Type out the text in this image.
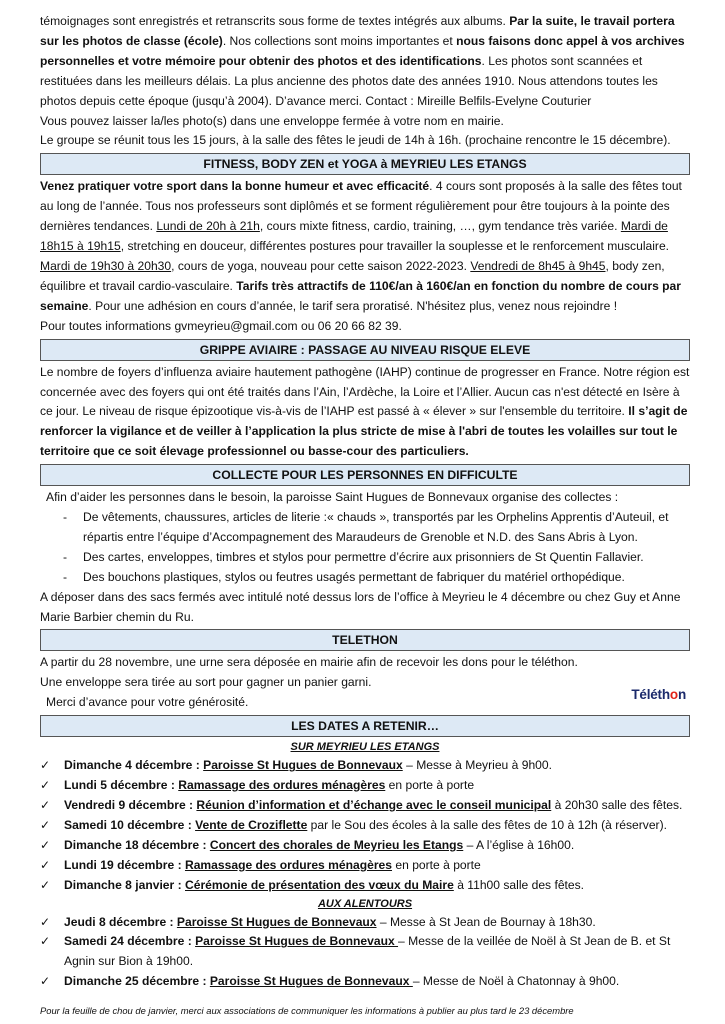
témoignages sont enregistrés et retranscrits sous forme de textes intégrés aux albums. Par la suite, le travail portera sur les photos de classe (école). Nos collections sont moins importantes et nous faisons donc appel à vos archives personnelles et votre mémoire pour obtenir des photos et des identifications. Les photos sont scannées et restituées dans les meilleurs délais. La plus ancienne des photos date des années 1910. Nous attendons toutes les photos depuis cette époque (jusqu’à 2004). D’avance merci. Contact : Mireille Belfils-Evelyne Couturier

Vous pouvez laisser la/les photo(s) dans une enveloppe fermée à votre nom en mairie.

Le groupe se réunit tous les 15 jours, à la salle des fêtes le jeudi de 14h à 16h. (prochaine rencontre le 15 décembre).

FITNESS, BODY ZEN et YOGA à MEYRIEU LES ETANGS

Venez pratiquer votre sport dans la bonne humeur et avec efficacité. 4 cours sont proposés à la salle des fêtes tout au long de l’année. Tous nos professeurs sont diplômés et se forment régulièrement pour être toujours à la pointe des dernières tendances. Lundi de 20h à 21h, cours mixte fitness, cardio, training, …, gym tendance très variée. Mardi de 18h15 à 19h15, stretching en douceur, différentes postures pour travailler la souplesse et le renforcement musculaire. Mardi de 19h30 à 20h30, cours de yoga, nouveau pour cette saison 2022-2023. Vendredi de 8h45 à 9h45, body zen, équilibre et travail cardio-vasculaire. Tarifs très attractifs de 110€/an à 160€/an en fonction du nombre de cours par semaine. Pour une adhésion en cours d’année, le tarif sera proratisé. N'hésitez plus, venez nous rejoindre !

Pour toutes informations gvmeyrieu@gmail.com ou 06 20 66 82 39.

GRIPPE AVIAIRE : PASSAGE AU NIVEAU RISQUE ELEVE

Le nombre de foyers d’influenza aviaire hautement pathogène (IAHP) continue de progresser en France. Notre région est concernée avec des foyers qui ont été traités dans l’Ain, l’Ardèche, la Loire et l’Allier. Aucun cas n'est détecté en Isère à ce jour. Le niveau de risque épizootique vis-à-vis de l’IAHP est passé à « élever » sur l'ensemble du territoire. Il s’agit de renforcer la vigilance et de veiller à l’application la plus stricte de mise à l'abri de toutes les volailles sur tout le territoire que ce soit élevage professionnel ou basse-cour des particuliers.

COLLECTE POUR LES PERSONNES EN DIFFICULTE

Afin d’aider les personnes dans le besoin, la paroisse Saint Hugues de Bonnevaux organise des collectes :

- De vêtements, chaussures, articles de literie :« chauds », transportés par les Orphelins Apprentis d’Auteuil, et répartis entre l’équipe d’Accompagnement des Maraudeurs de Grenoble et N.D. des Sans Abris à Lyon.
- Des cartes, enveloppes, timbres et stylos pour permettre d’écrire aux prisonniers de St Quentin Fallavier.
- Des bouchons plastiques, stylos ou feutres usagés permettant de fabriquer du matériel orthopédique.

A déposer dans des sacs fermés avec intitulé noté dessus lors de l’office à Meyrieu le 4 décembre ou chez Guy et Anne Marie Barbier chemin du Ru.

TELETHON

A partir du 28 novembre, une urne sera déposée en mairie afin de recevoir les dons pour le téléthon.

Une enveloppe sera tirée au sort pour gagner un panier garni.

Merci d’avance pour votre générosité.	Téléthon
LES DATES A RETENIR…
SUR MEYRIEU LES ETANGS
✓ Dimanche 4 décembre : Paroisse St Hugues de Bonnevaux – Messe à Meyrieu à 9h00.
✓ Lundi 5 décembre : Ramassage des ordures ménagères en porte à porte
✓ Vendredi 9 décembre : Réunion d’information et d’échange avec le conseil municipal à 20h30 salle des fêtes.
✓ Samedi 10 décembre : Vente de Croziflette par le Sou des écoles à la salle des fêtes de 10 à 12h (à réserver).
✓ Dimanche 18 décembre : Concert des chorales de Meyrieu les Etangs – A l’église à 16h00.
✓ Lundi 19 décembre : Ramassage des ordures ménagères en porte à porte
✓ Dimanche 8 janvier : Cérémonie de présentation des vœux du Maire à 11h00 salle des fêtes.
AUX ALENTOURS
✓ Jeudi 8 décembre : Paroisse St Hugues de Bonnevaux – Messe à St Jean de Bournay à 18h30.
✓ Samedi 24 décembre : Paroisse St Hugues de Bonnevaux – Messe de la veillée de Noël à St Jean de B. et St Agnin sur Bion à 19h00.
✓ Dimanche 25 décembre : Paroisse St Hugues de Bonnevaux – Messe de Noël à Chatonnay à 9h00.

Pour la feuille de chou de janvier, merci aux associations de communiquer les informations à publier au plus tard le 23 décembre
